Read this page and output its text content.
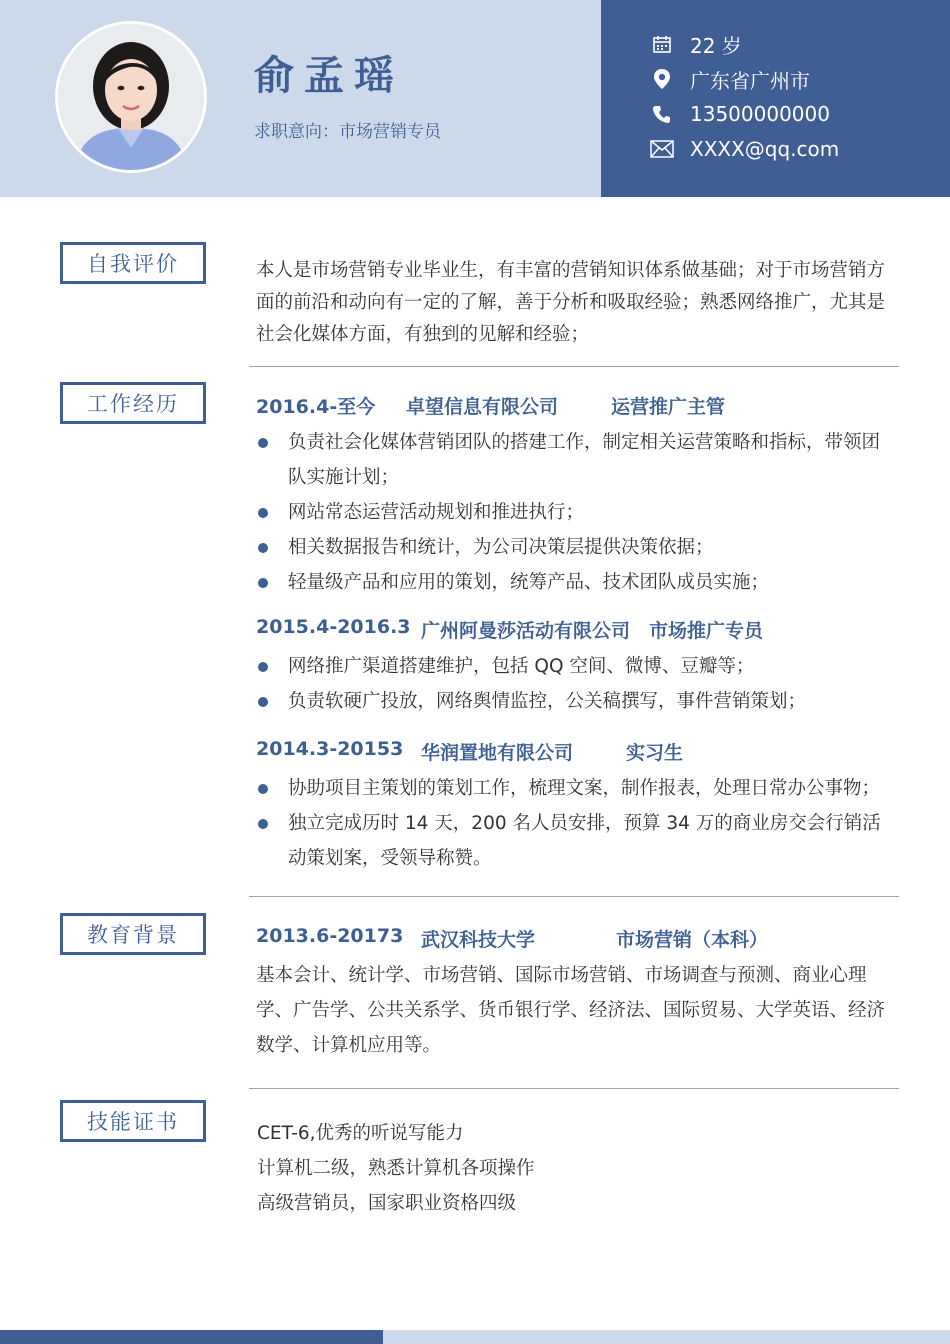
俞孟瑶
求职意向：市场营销专员
22 岁
广东省广州市
13500000000
XXXX@qq.com
自我评价	本人是市场营销专业毕业生，有丰富的营销知识体系做基础；对于市场营销方面的前沿和动向有一定的了解，善于分析和吸取经验；熟悉网络推广，尤其是社会化媒体方面，有独到的见解和经验；
工作经历	2016.4-至今 卓望信息有限公司	运营推广主管
负责社会化媒体营销团队的搭建工作，制定相关运营策略和指标，带领团队实施计划；
网站常态运营活动规划和推进执行；
相关数据报告和统计，为公司决策层提供决策依据；
轻量级产品和应用的策划，统筹产品、技术团队成员实施；
2015.4-2016.3 广州阿曼莎活动有限公司 市场推广专员
网络推广渠道搭建维护，包括 QQ 空间、微博、豆瓣等；
负责软硬广投放，网络舆情监控，公关稿撰写，事件营销策划；
2014.3-20153 华润置地有限公司	实习生
协助项目主策划的策划工作，梳理文案，制作报表，处理日常办公事物；
独立完成历时 14 天，200 名人员安排，预算 34 万的商业房交会行销活动策划案，受领导称赞。
教育背景	2013.6-20173 武汉科技大学	市场营销（本科）
基本会计、统计学、市场营销、国际市场营销、市场调查与预测、商业心理学、广告学、公共关系学、货币银行学、经济法、国际贸易、大学英语、经济数学、计算机应用等。
技能证书	CET-6,优秀的听说写能力
计算机二级，熟悉计算机各项操作
高级营销员，国家职业资格四级
